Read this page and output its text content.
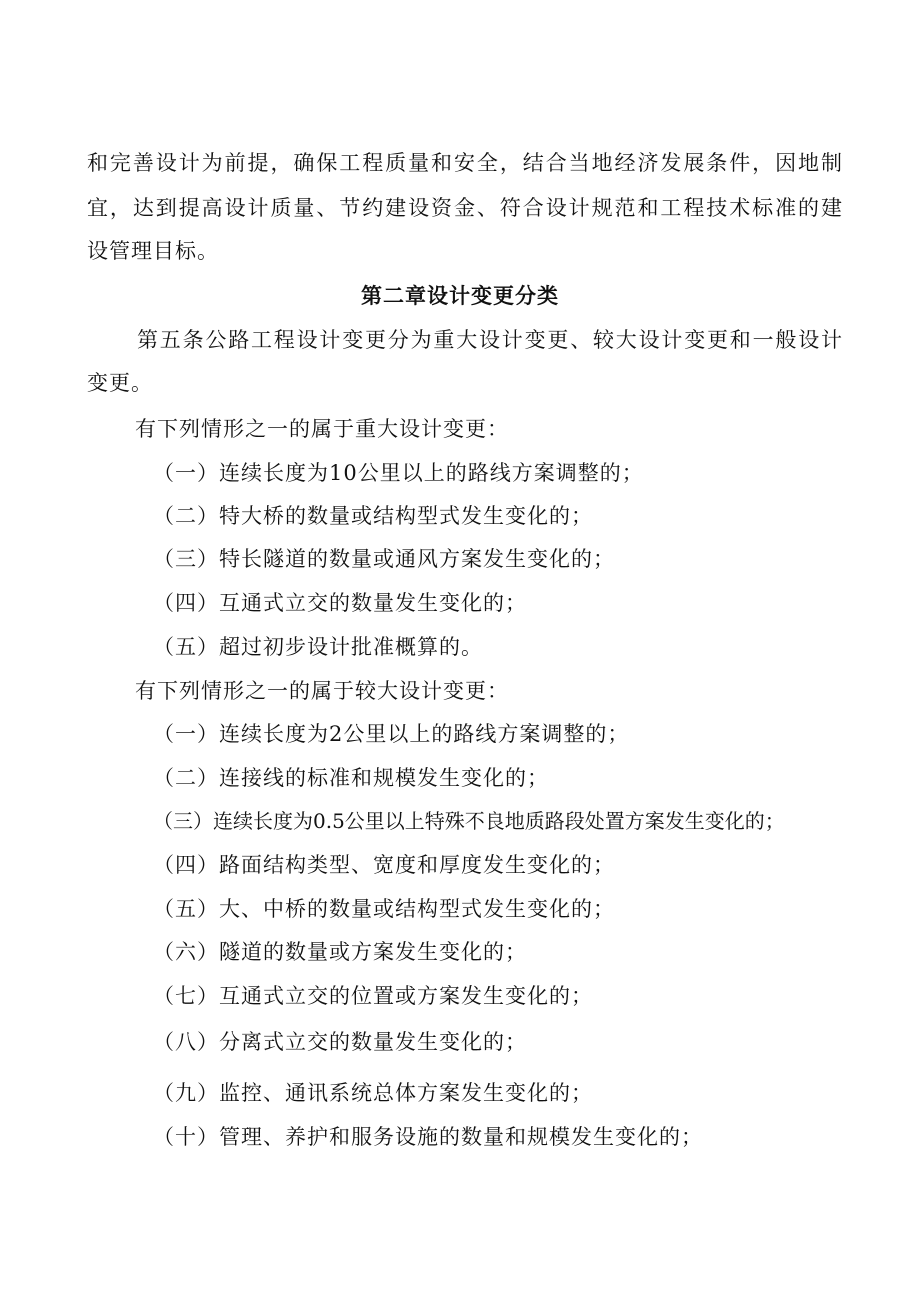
和完善设计为前提，确保工程质量和安全，结合当地经济发展条件，因地制
宜，达到提高设计质量、节约建设资金、符合设计规范和工程技术标准的建
设管理目标。
第二章设计变更分类
第五条公路工程设计变更分为重大设计变更、较大设计变更和一般设计
变更。
有下列情形之一的属于重大设计变更：
（一）连续长度为10公里以上的路线方案调整的；
（二）特大桥的数量或结构型式发生变化的；
（三）特长隧道的数量或通风方案发生变化的；
（四）互通式立交的数量发生变化的；
（五）超过初步设计批准概算的。
有下列情形之一的属于较大设计变更：
（一）连续长度为2公里以上的路线方案调整的；
（二）连接线的标准和规模发生变化的；
（三）连续长度为0.5公里以上特殊不良地质路段处置方案发生变化的；
（四）路面结构类型、宽度和厚度发生变化的；
（五）大、中桥的数量或结构型式发生变化的；
（六）隧道的数量或方案发生变化的；
（七）互通式立交的位置或方案发生变化的；
（八）分离式立交的数量发生变化的；
（九）监控、通讯系统总体方案发生变化的；
（十）管理、养护和服务设施的数量和规模发生变化的；
